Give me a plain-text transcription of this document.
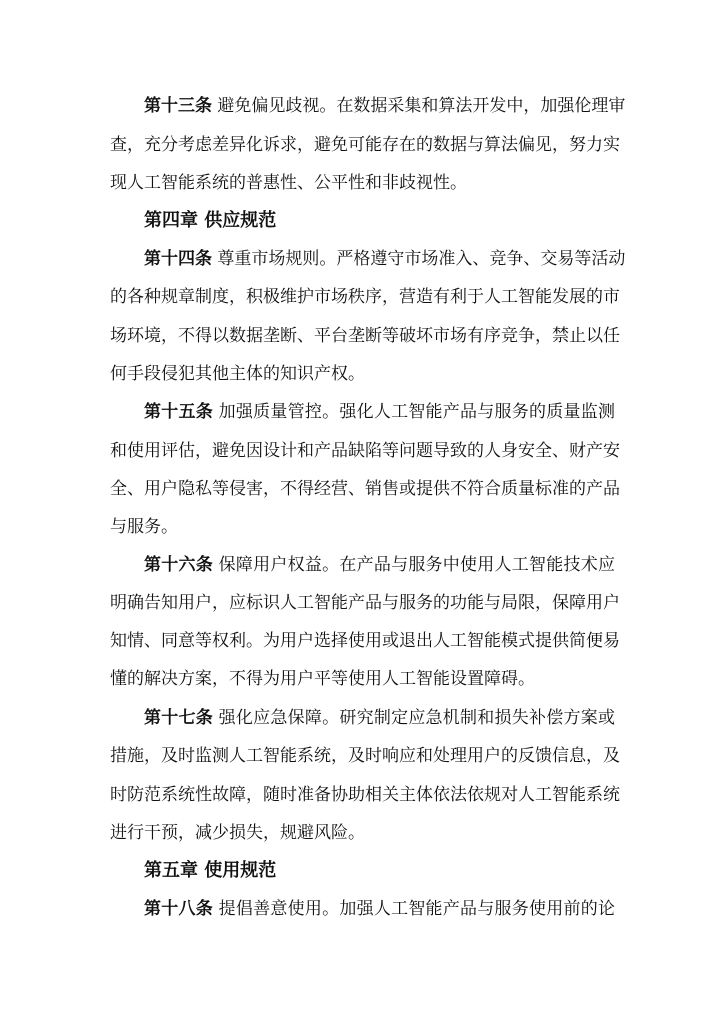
第十三条 避免偏见歧视。在数据采集和算法开发中，加强伦理审
查，充分考虑差异化诉求，避免可能存在的数据与算法偏见，努力实
现人工智能系统的普惠性、公平性和非歧视性。
第四章 供应规范
第十四条 尊重市场规则。严格遵守市场准入、竞争、交易等活动
的各种规章制度，积极维护市场秩序，营造有利于人工智能发展的市
场环境，不得以数据垄断、平台垄断等破坏市场有序竞争，禁止以任
何手段侵犯其他主体的知识产权。
第十五条 加强质量管控。强化人工智能产品与服务的质量监测
和使用评估，避免因设计和产品缺陷等问题导致的人身安全、财产安
全、用户隐私等侵害，不得经营、销售或提供不符合质量标准的产品
与服务。
第十六条 保障用户权益。在产品与服务中使用人工智能技术应
明确告知用户，应标识人工智能产品与服务的功能与局限，保障用户
知情、同意等权利。为用户选择使用或退出人工智能模式提供简便易
懂的解决方案，不得为用户平等使用人工智能设置障碍。
第十七条 强化应急保障。研究制定应急机制和损失补偿方案或
措施，及时监测人工智能系统，及时响应和处理用户的反馈信息，及
时防范系统性故障，随时准备协助相关主体依法依规对人工智能系统
进行干预，减少损失，规避风险。
第五章 使用规范
第十八条 提倡善意使用。加强人工智能产品与服务使用前的论
